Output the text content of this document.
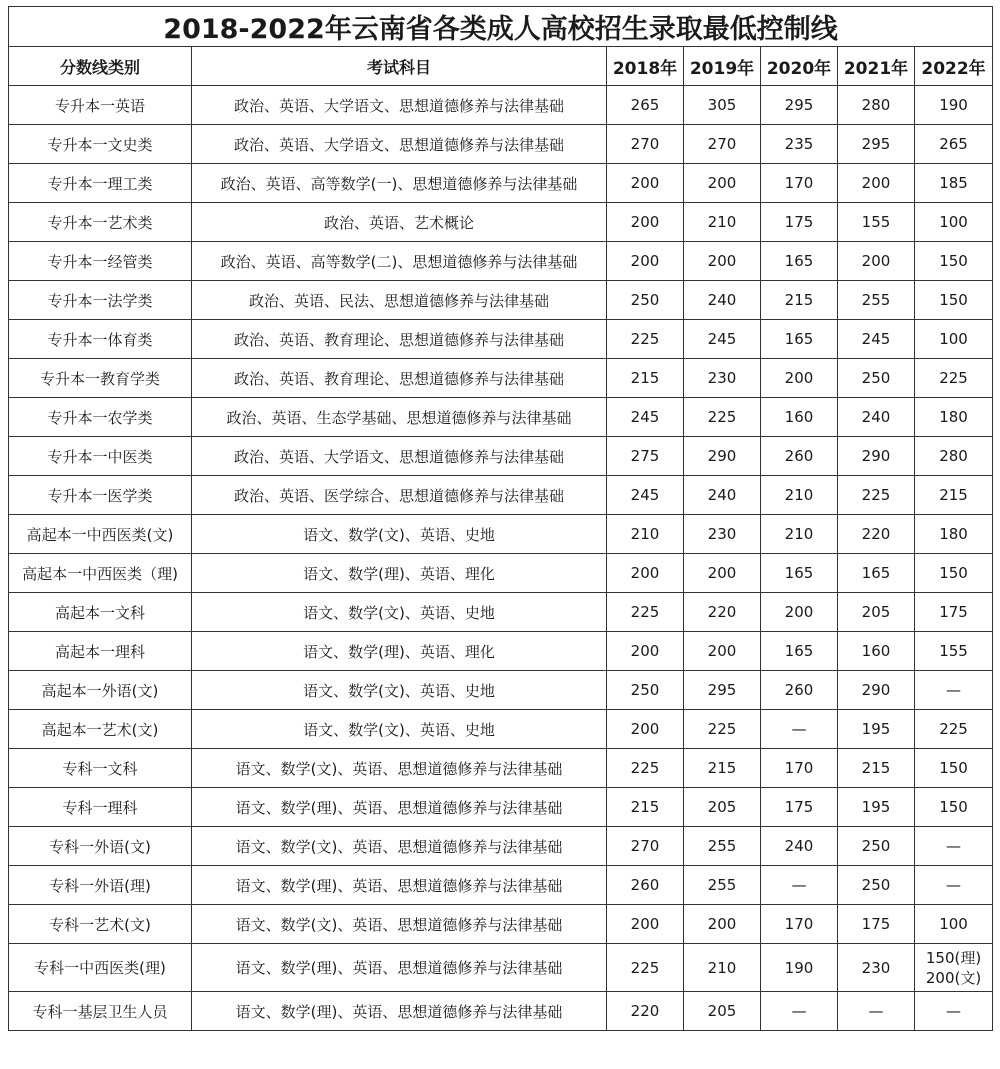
2018-2022年云南省各类成人高校招生录取最低控制线						
分数线类别	考试科目	2018年	2019年	2020年	2021年	2022年
专升本一英语	政治、英语、大学语文、思想道德修养与法律基础	265	305	295	280	190
专升本一文史类	政治、英语、大学语文、思想道德修养与法律基础	270	270	235	295	265
专升本一理工类	政治、英语、高等数学(一)、思想道德修养与法律基础	200	200	170	200	185
专升本一艺术类	政治、英语、艺术概论	200	210	175	155	100
专升本一经管类	政治、英语、高等数学(二)、思想道德修养与法律基础	200	200	165	200	150
专升本一法学类	政治、英语、民法、思想道德修养与法律基础	250	240	215	255	150
专升本一体育类	政治、英语、教育理论、思想道德修养与法律基础	225	245	165	245	100
专升本一教育学类	政治、英语、教育理论、思想道德修养与法律基础	215	230	200	250	225
专升本一农学类	政治、英语、生态学基础、思想道德修养与法律基础	245	225	160	240	180
专升本一中医类	政治、英语、大学语文、思想道德修养与法律基础	275	290	260	290	280
专升本一医学类	政治、英语、医学综合、思想道德修养与法律基础	245	240	210	225	215
高起本一中西医类(文)	语文、数学(文)、英语、史地	210	230	210	220	180
高起本一中西医类（理)	语文、数学(理)、英语、理化	200	200	165	165	150
高起本一文科	语文、数学(文)、英语、史地	225	220	200	205	175
高起本一理科	语文、数学(理)、英语、理化	200	200	165	160	155
高起本一外语(文)	语文、数学(文)、英语、史地	250	295	260	290	—
高起本一艺术(文)	语文、数学(文)、英语、史地	200	225	—	195	225
专科一文科	语文、数学(文)、英语、思想道德修养与法律基础	225	215	170	215	150
专科一理科	语文、数学(理)、英语、思想道德修养与法律基础	215	205	175	195	150
专科一外语(文)	语文、数学(文)、英语、思想道德修养与法律基础	270	255	240	250	—
专科一外语(理)	语文、数学(理)、英语、思想道德修养与法律基础	260	255	—	250	—
专科一艺术(文)	语文、数学(文)、英语、思想道德修养与法律基础	200	200	170	175	100
专科一中西医类(理)	语文、数学(理)、英语、思想道德修养与法律基础	225	210	190	230	150(理)
200(文)

专科一基层卫生人员	语文、数学(理)、英语、思想道德修养与法律基础	220	205	—	—	—
